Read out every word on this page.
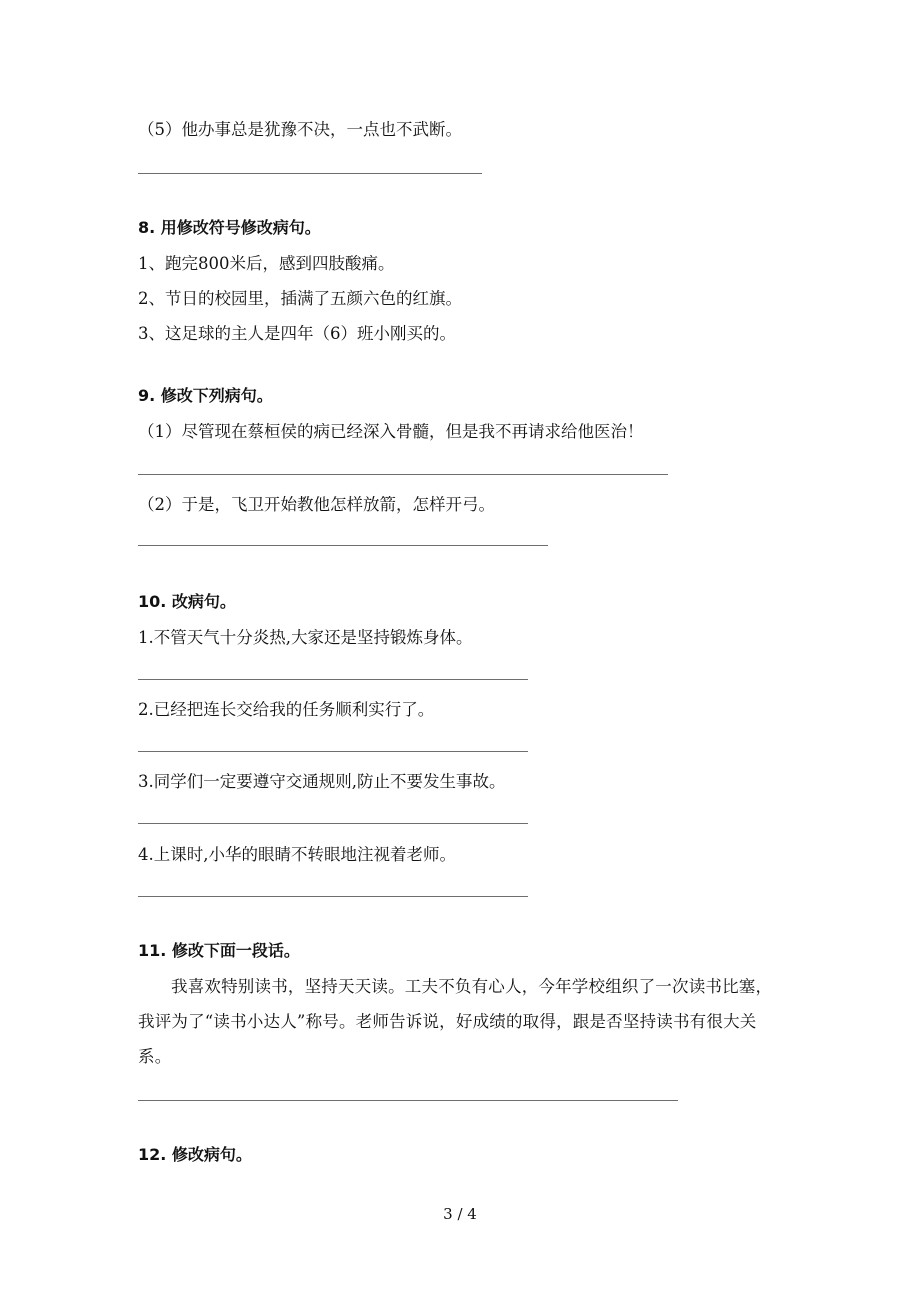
（5）他办事总是犹豫不决，一点也不武断。
8. 用修改符号修改病句。
1、跑完800米后，感到四肢酸痛。
2、节日的校园里，插满了五颜六色的红旗。
3、这足球的主人是四年（6）班小刚买的。
9. 修改下列病句。
（1）尽管现在蔡桓侯的病已经深入骨髓，但是我不再请求给他医治！
（2）于是，飞卫开始教他怎样放箭，怎样开弓。
10. 改病句。
1.不管天气十分炎热,大家还是坚持锻炼身体。
2.已经把连长交给我的任务顺利实行了。
3.同学们一定要遵守交通规则,防止不要发生事故。
4.上课时,小华的眼睛不转眼地注视着老师。
11. 修改下面一段话。
我喜欢特别读书，坚持天天读。工夫不负有心人，今年学校组织了一次读书比塞，我评为了“读书小达人”称号。老师告诉说，好成绩的取得，跟是否坚持读书有很大关系。
12. 修改病句。
3 / 4
